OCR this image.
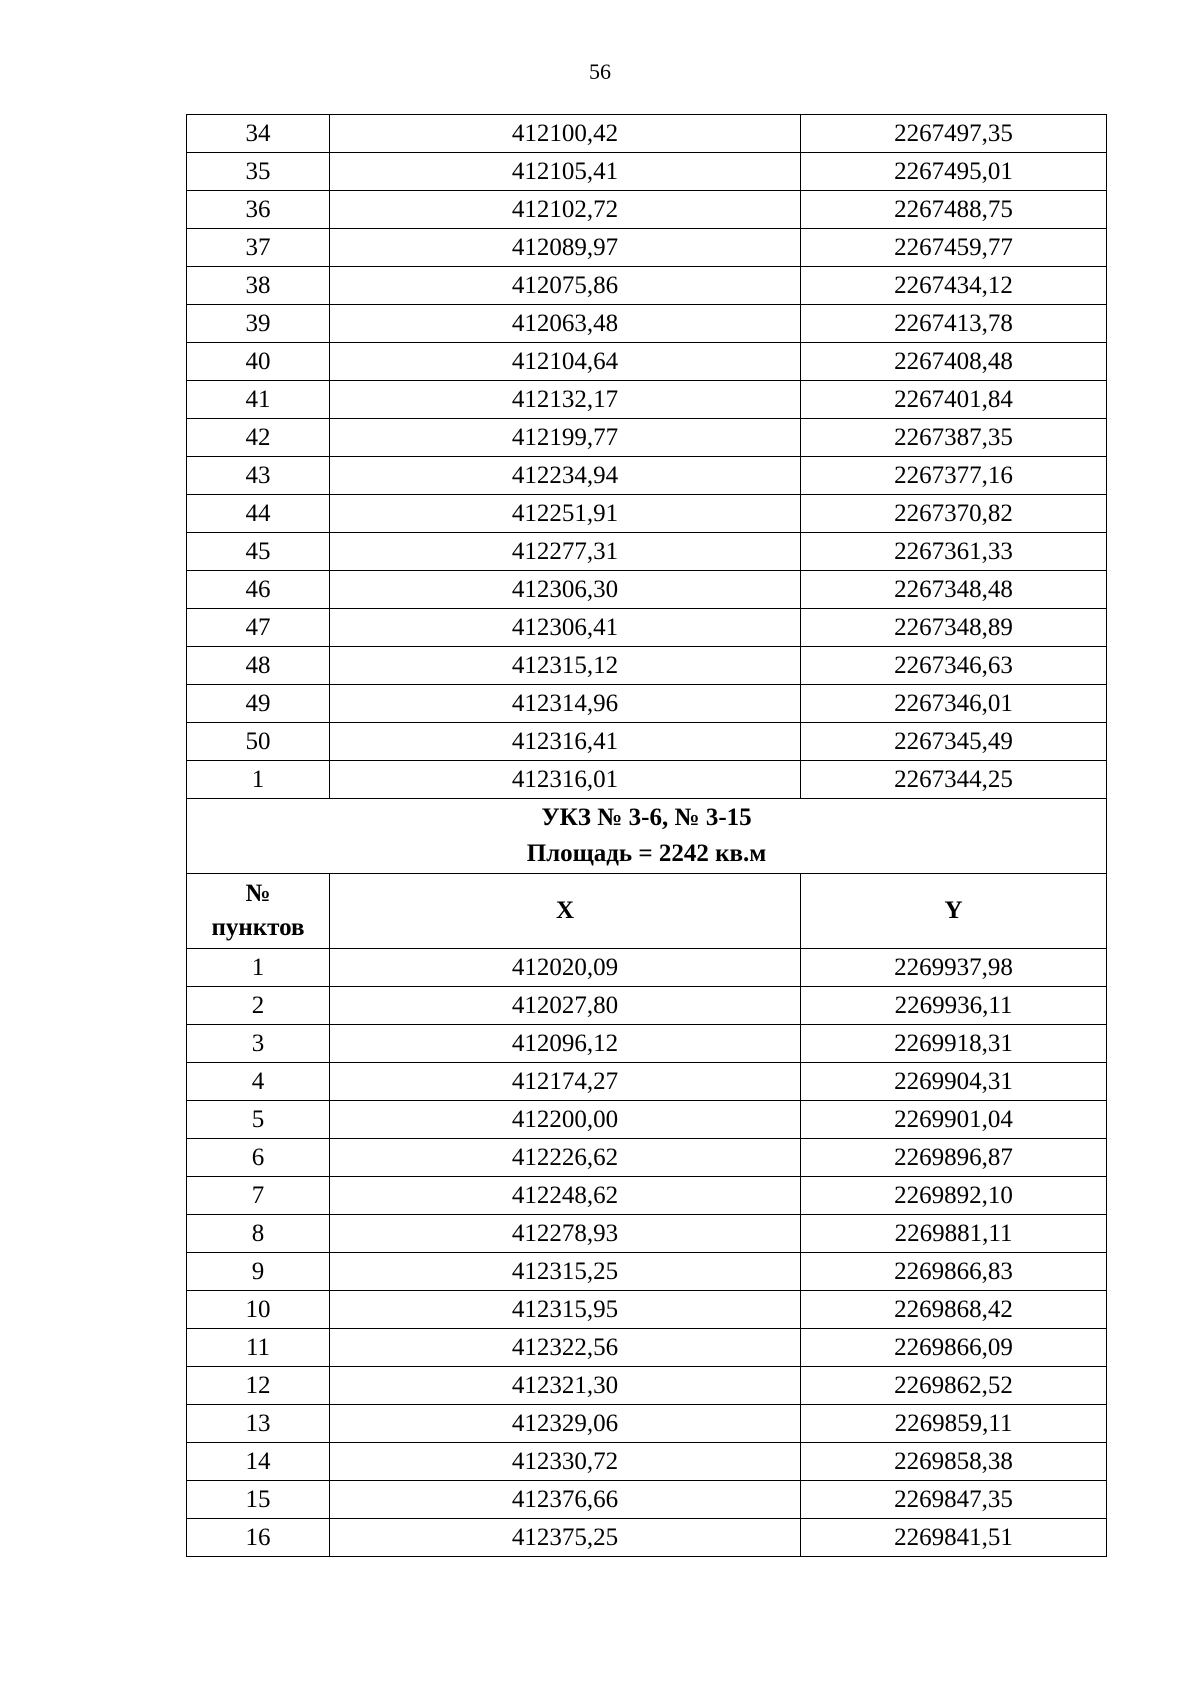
56
34	412100,42	2267497,35
35	412105,41	2267495,01
36	412102,72	2267488,75
37	412089,97	2267459,77
38	412075,86	2267434,12
39	412063,48	2267413,78
40	412104,64	2267408,48
41	412132,17	2267401,84
42	412199,77	2267387,35
43	412234,94	2267377,16
44	412251,91	2267370,82
45	412277,31	2267361,33
46	412306,30	2267348,48
47	412306,41	2267348,89
48	412315,12	2267346,63
49	412314,96	2267346,01
50	412316,41	2267345,49
1	412316,01	2267344,25

УКЗ № 3-6, № 3-15
Площадь = 2242 кв.м		

№
пунктов	X	Y
1	412020,09	2269937,98
2	412027,80	2269936,11
3	412096,12	2269918,31
4	412174,27	2269904,31
5	412200,00	2269901,04
6	412226,62	2269896,87
7	412248,62	2269892,10
8	412278,93	2269881,11
9	412315,25	2269866,83
10	412315,95	2269868,42
11	412322,56	2269866,09
12	412321,30	2269862,52
13	412329,06	2269859,11
14	412330,72	2269858,38
15	412376,66	2269847,35
16	412375,25	2269841,51
